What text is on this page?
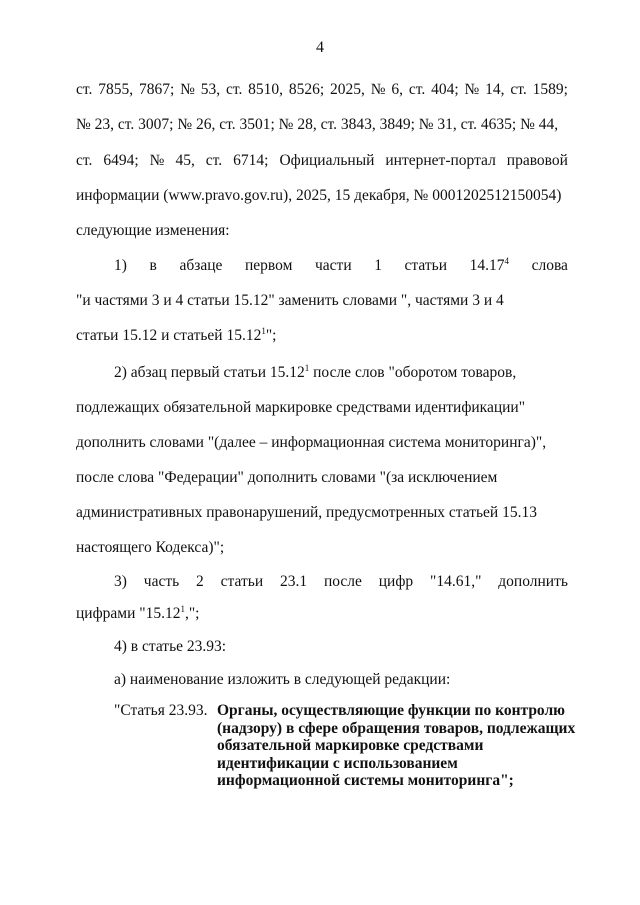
4
ст. 7855, 7867; № 53, ст. 8510, 8526; 2025, № 6, ст. 404; № 14, ст. 1589;
№ 23, ст. 3007; № 26, ст. 3501; № 28, ст. 3843, 3849; № 31, ст. 4635; № 44,
ст. 6494; № 45, ст. 6714; Официальный интернет-портал правовой
информации (www.pravo.gov.ru), 2025, 15 декабря, № 0001202512150054)
следующие изменения:
1) в абзаце первом части 1 статьи 14.17$^4$ слова
"и частями 3 и 4 статьи 15.12" заменить словами ", частями 3 и 4
статьи 15.12 и статьей 15.12$^1$";
2) абзац первый статьи 15.12$^1$ после слов "оборотом товаров,
подлежащих обязательной маркировке средствами идентификации"
дополнить словами "(далее – информационная система мониторинга)",
после слова "Федерации" дополнить словами "(за исключением
административных правонарушений, предусмотренных статьей 15.13
настоящего Кодекса)";
3) часть 2 статьи 23.1 после цифр "14.61," дополнить
цифрами "15.12$^1$,";
4) в статье 23.93:
а) наименование изложить в следующей редакции:
"Статья 23.93. Органы, осуществляющие функции по контролю
(надзору) в сфере обращения товаров, подлежащих
обязательной маркировке средствами
идентификации с использованием
информационной системы мониторинга";
